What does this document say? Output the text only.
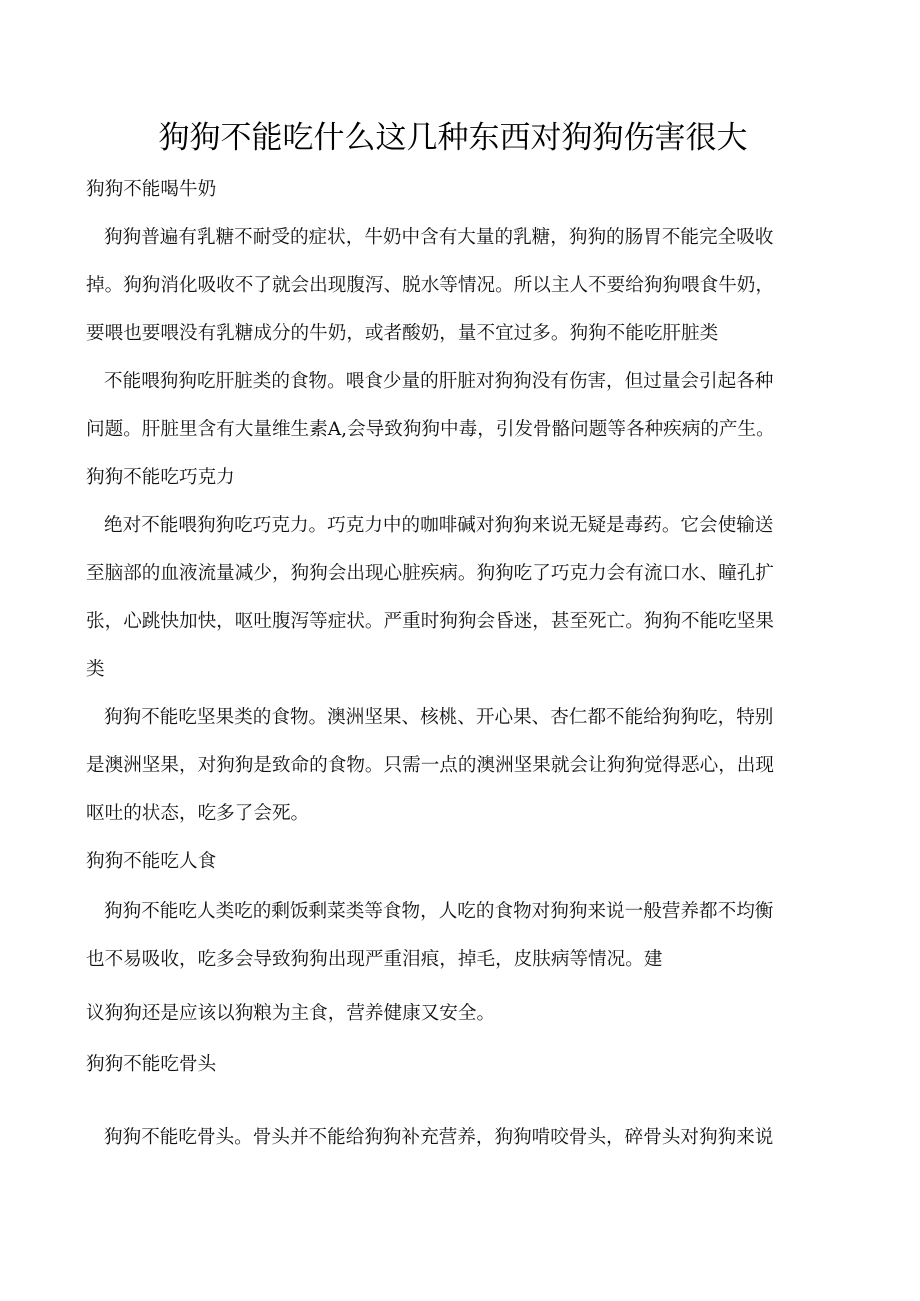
狗狗不能吃什么这几种东西对狗狗伤害很大
狗狗不能喝牛奶
狗狗普遍有乳糖不耐受的症状，牛奶中含有大量的乳糖，狗狗的肠胃不能完全吸收
掉。狗狗消化吸收不了就会出现腹泻、脱水等情况。所以主人不要给狗狗喂食牛奶，
要喂也要喂没有乳糖成分的牛奶，或者酸奶，量不宜过多。狗狗不能吃肝脏类
不能喂狗狗吃肝脏类的食物。喂食少量的肝脏对狗狗没有伤害，但过量会引起各种
问题。肝脏里含有大量维生素A,会导致狗狗中毒，引发骨骼问题等各种疾病的产生。
狗狗不能吃巧克力
绝对不能喂狗狗吃巧克力。巧克力中的咖啡碱对狗狗来说无疑是毒药。它会使输送
至脑部的血液流量减少，狗狗会出现心脏疾病。狗狗吃了巧克力会有流口水、瞳孔扩
张，心跳快加快，呕吐腹泻等症状。严重时狗狗会昏迷，甚至死亡。狗狗不能吃坚果
类
狗狗不能吃坚果类的食物。澳洲坚果、核桃、开心果、杏仁都不能给狗狗吃，特别
是澳洲坚果，对狗狗是致命的食物。只需一点的澳洲坚果就会让狗狗觉得恶心，出现
呕吐的状态，吃多了会死。
狗狗不能吃人食
狗狗不能吃人类吃的剩饭剩菜类等食物，人吃的食物对狗狗来说一般营养都不均衡
也不易吸收，吃多会导致狗狗出现严重泪痕，掉毛，皮肤病等情况。建
议狗狗还是应该以狗粮为主食，营养健康又安全。
狗狗不能吃骨头
狗狗不能吃骨头。骨头并不能给狗狗补充营养，狗狗啃咬骨头，碎骨头对狗狗来说
